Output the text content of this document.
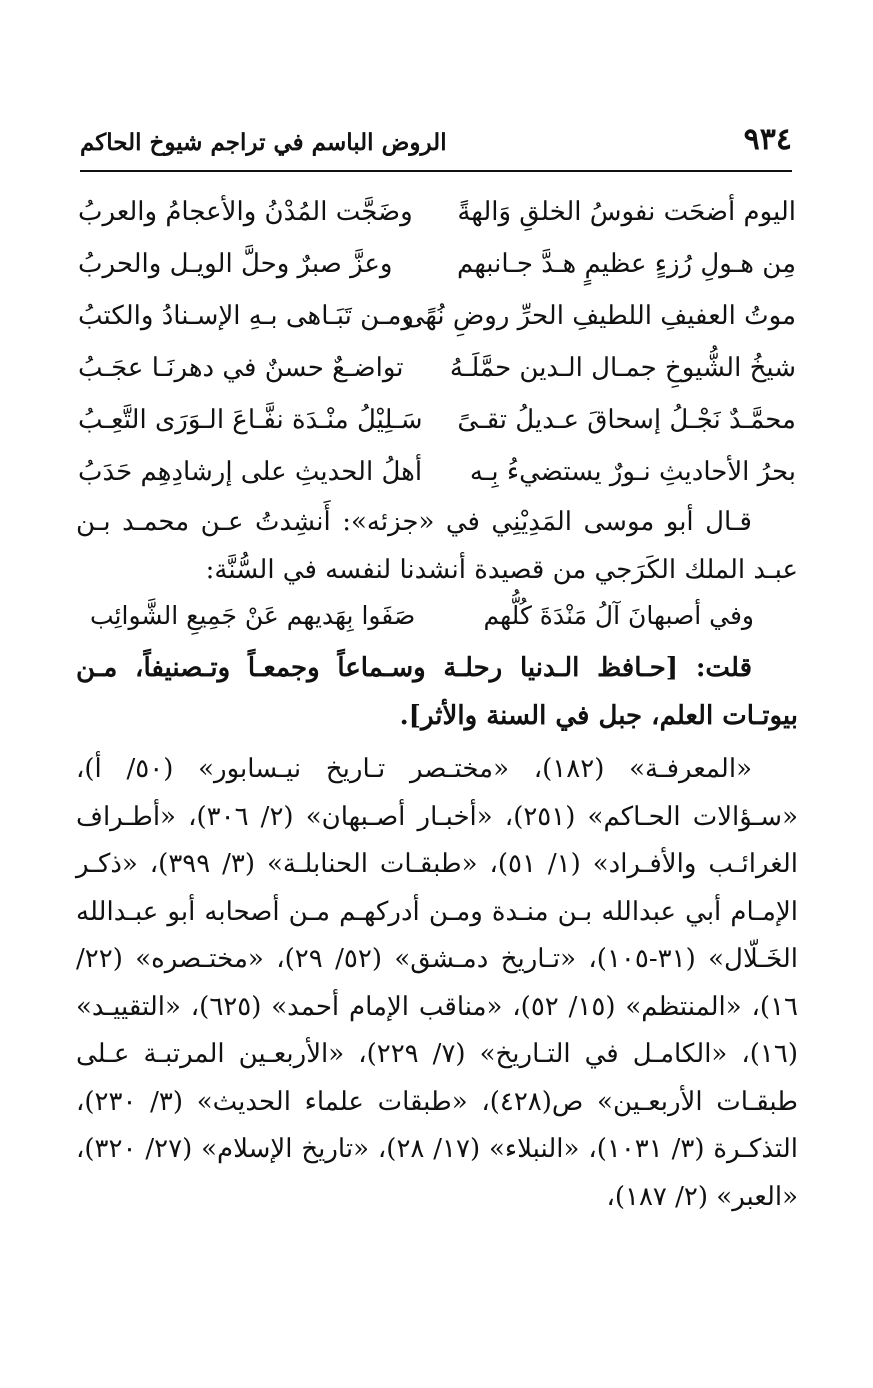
٩٣٤
الروض الباسم في تراجم شيوخ الحاكم
اليوم أضحَت نفوسُ الخلقِ وَالهةً
وضَجَّت المُدْنُ والأعجامُ والعربُ
مِن هـولِ رُزءٍ عظيمٍ هـدَّ جـانبهم
وعزَّ صبرٌ وحلَّ الويـل والحربُ
موتُ العفيفِ اللطيفِ الحرِّ روضِ نُهًى
ومـن تَبَـاهى بـهِ الإسـنادُ والكتبُ
شيخُ الشُّيوخِ جمـال الـدين حمَّلَـهُ
تواضـعٌ حسنٌ في دهرنَـا عجَـبُ
محمَّـدٌ نَجْـلُ إسحاقَ عـديلُ تقـىً
سَـلِيْلُ منْـدَة نفَّـاعَ الـوَرَى التَّعِـبُ
بحرُ الأحاديثِ نـورٌ يستضيءُ بِـه
أهلُ الحديثِ على إرشادِهِم حَدَبُ

قـال أبو موسى المَدِيْنِي في «جزئه»: أَنشِدتُ عـن محمـد بـن عبـد الملك الكَرَجي من قصيدة أنشدنا لنفسه في السُّنَّة:

وفي أصبهانَ آلُ مَنْدَةَ كُلُّهم
صَفَوا بِهَديهم عَنْ جَمِيعِ الشَّوائِب

قلت: [حـافظ الـدنيا رحلـة وسـماعاً وجمعـاً وتـصنيفاً، مـن بيوتـات العلم، جبل في السنة والأثر].

«المعرفـة» (١٨٢)، «مختـصر تـاريخ نيـسابور» (٥٠/ أ)، «سـؤالات الحـاكم» (٢٥١)، «أخبـار أصـبهان» (٢/ ٣٠٦)، «أطـراف الغرائـب والأفـراد» (١/ ٥١)، «طبقـات الحنابلـة» (٣/ ٣٩٩)، «ذكـر الإمـام أبي عبدالله بـن منـدة ومـن أدركهـم مـن أصحابه أبو عبـدالله الخَـلّال» (٣١-١٠٥)، «تـاريخ دمـشق» (٥٢/ ٢٩)، «مختـصره» (٢٢/ ١٦)، «المنتظم» (١٥/ ٥٢)، «مناقب الإمام أحمد» (٦٢٥)، «التقييـد» (١٦)، «الكامـل في التـاريخ» (٧/ ٢٢٩)، «الأربعـين المرتبـة عـلى طبقـات الأربعـين» ص(٤٢٨)، «طبقات علماء الحديث» (٣/ ٢٣٠)، التذكـرة (٣/ ١٠٣١)، «النبلاء» (١٧/ ٢٨)، «تاريخ الإسلام» (٢٧/ ٣٢٠)، «العبر» (٢/ ١٨٧)،
